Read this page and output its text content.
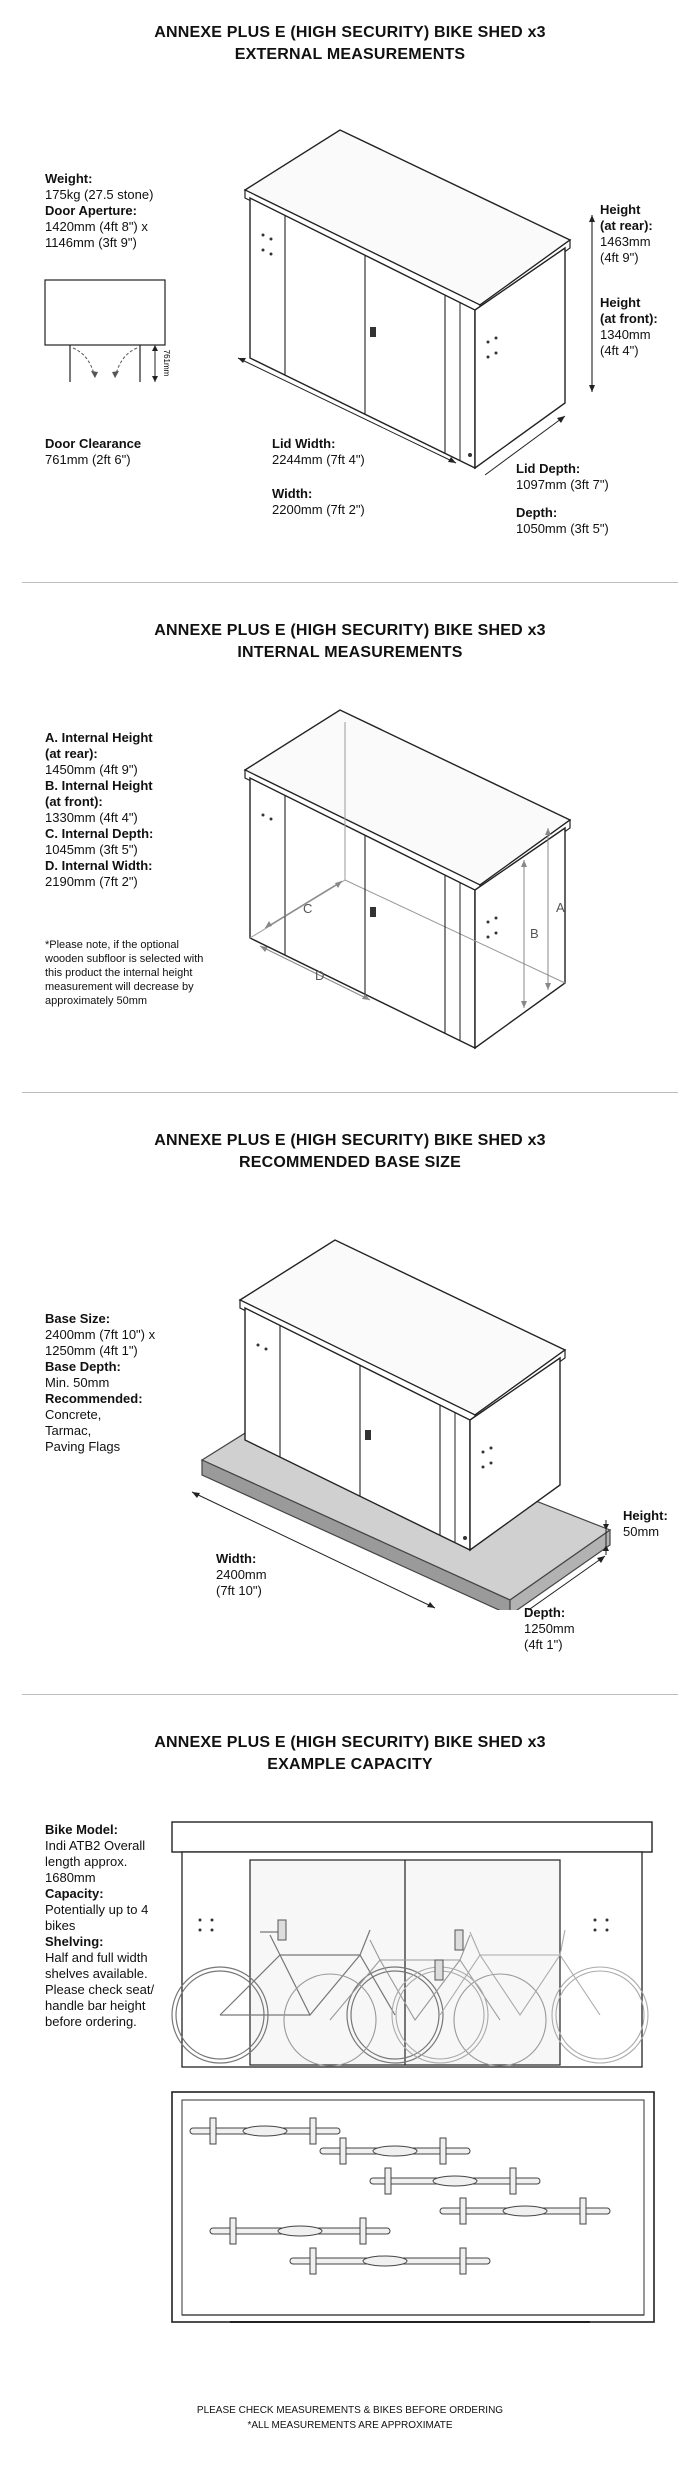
ANNEXE PLUS E (HIGH SECURITY) BIKE SHED x3
EXTERNAL MEASUREMENTS
Weight:
175kg (27.5 stone)
Door Aperture:
1420mm (4ft 8") x
1146mm (3ft 9")
761mm
Door Clearance
761mm (2ft 6")
Height
(at rear):
1463mm
(4ft 9")
Height
(at front):
1340mm
(4ft 4")
Lid Width:
2244mm (7ft 4")
Width:
2200mm (7ft 2")
Lid Depth:
1097mm (3ft 7")
Depth:
1050mm (3ft 5")
ANNEXE PLUS E (HIGH SECURITY) BIKE SHED x3
INTERNAL MEASUREMENTS
A. Internal Height
(at rear):
1450mm (4ft 9")
B. Internal Height
(at front):
1330mm (4ft 4")
C. Internal Depth:
1045mm (3ft 5")
D. Internal Width:
2190mm (7ft 2")
*Please note, if the optional wooden subfloor is selected with this product the internal height measurement will decrease by approximately 50mm
A
B
C
D
ANNEXE PLUS E (HIGH SECURITY) BIKE SHED x3
RECOMMENDED BASE SIZE
Base Size:
2400mm (7ft 10") x
1250mm (4ft 1")
Base Depth:
Min. 50mm
Recommended:
Concrete,
Tarmac,
Paving Flags
Height:
50mm
Width:
2400mm
(7ft 10")
Depth:
1250mm
(4ft 1")
ANNEXE PLUS E (HIGH SECURITY) BIKE SHED x3
EXAMPLE CAPACITY
Bike Model:
Indi ATB2 Overall length approx. 1680mm
Capacity:
Potentially up to 4 bikes
Shelving:
Half and full width shelves available. Please check seat/ handle bar height before ordering.
PLEASE CHECK MEASUREMENTS & BIKES BEFORE ORDERING
*ALL MEASUREMENTS ARE APPROXIMATE
